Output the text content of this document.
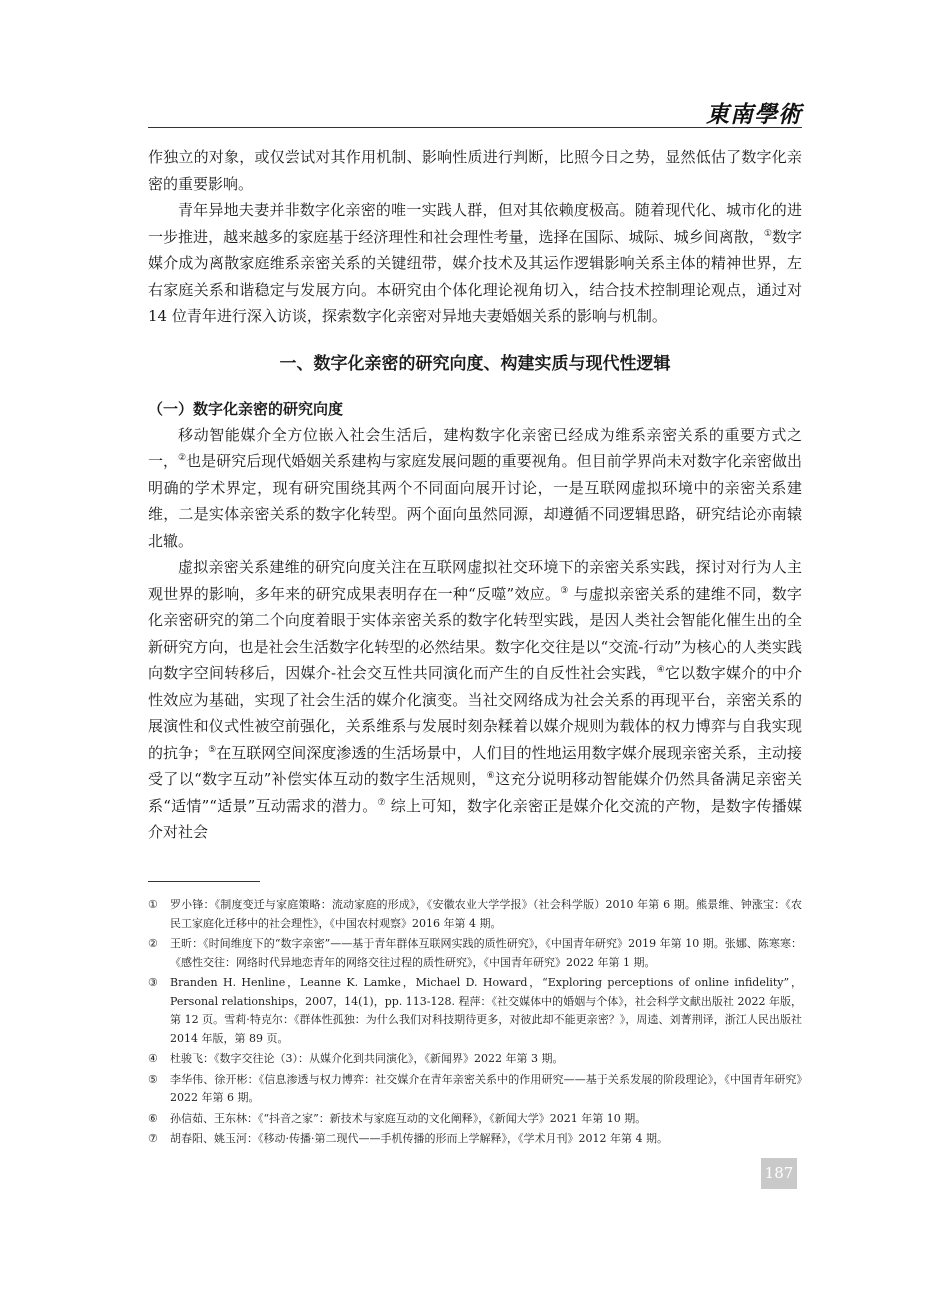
東南學術

作独立的对象，或仅尝试对其作用机制、影响性质进行判断，比照今日之势，显然低估了数字化亲密的重要影响。

青年异地夫妻并非数字化亲密的唯一实践人群，但对其依赖度极高。随着现代化、城市化的进一步推进，越来越多的家庭基于经济理性和社会理性考量，选择在国际、城际、城乡间离散，①数字媒介成为离散家庭维系亲密关系的关键纽带，媒介技术及其运作逻辑影响关系主体的精神世界，左右家庭关系和谐稳定与发展方向。本研究由个体化理论视角切入，结合技术控制理论观点，通过对 14 位青年进行深入访谈，探索数字化亲密对异地夫妻婚姻关系的影响与机制。

一、数字化亲密的研究向度、构建实质与现代性逻辑
（一）数字化亲密的研究向度

移动智能媒介全方位嵌入社会生活后，建构数字化亲密已经成为维系亲密关系的重要方式之一，②也是研究后现代婚姻关系建构与家庭发展问题的重要视角。但目前学界尚未对数字化亲密做出明确的学术界定，现有研究围绕其两个不同面向展开讨论，一是互联网虚拟环境中的亲密关系建维，二是实体亲密关系的数字化转型。两个面向虽然同源，却遵循不同逻辑思路，研究结论亦南辕北辙。

虚拟亲密关系建维的研究向度关注在互联网虚拟社交环境下的亲密关系实践，探讨对行为人主观世界的影响，多年来的研究成果表明存在一种“反噬”效应。③ 与虚拟亲密关系的建维不同，数字化亲密研究的第二个向度着眼于实体亲密关系的数字化转型实践，是因人类社会智能化催生出的全新研究方向，也是社会生活数字化转型的必然结果。数字化交往是以“交流-行动”为核心的人类实践向数字空间转移后，因媒介-社会交互性共同演化而产生的自反性社会实践，④它以数字媒介的中介性效应为基础，实现了社会生活的媒介化演变。当社交网络成为社会关系的再现平台，亲密关系的展演性和仪式性被空前强化，关系维系与发展时刻杂糅着以媒介规则为载体的权力博弈与自我实现的抗争；⑤在互联网空间深度渗透的生活场景中，人们目的性地运用数字媒介展现亲密关系，主动接受了以“数字互动”补偿实体互动的数字生活规则，⑥这充分说明移动智能媒介仍然具备满足亲密关系“适情”“适景”互动需求的潜力。⑦ 综上可知，数字化亲密正是媒介化交流的产物，是数字传播媒介对社会

①	罗小锋：《制度变迁与家庭策略：流动家庭的形成》，《安徽农业大学学报》（社会科学版）2010 年第 6 期。熊景维、钟涨宝：《农民工家庭化迁移中的社会理性》，《中国农村观察》2016 年第 4 期。
②	王昕：《时间维度下的“数字亲密”——基于青年群体互联网实践的质性研究》，《中国青年研究》2019 年第 10 期。张娜、陈寒寒：《感性交往：网络时代异地恋青年的网络交往过程的质性研究》，《中国青年研究》2022 年第 1 期。
③	Branden H. Henline，Leanne K. Lamke，Michael D. Howard，“Exploring perceptions of online infidelity”，Personal relationships，2007，14(1)，pp. 113-128. 程萍：《社交媒体中的婚姻与个体》，社会科学文献出版社 2022 年版，第 12 页。雪莉·特克尔：《群体性孤独：为什么我们对科技期待更多，对彼此却不能更亲密？》，周逵、刘菁荆译，浙江人民出版社 2014 年版，第 89 页。
④	杜骏飞：《数字交往论（3）：从媒介化到共同演化》，《新闻界》2022 年第 3 期。
⑤	李华伟、徐开彬：《信息渗透与权力博弈：社交媒介在青年亲密关系中的作用研究——基于关系发展的阶段理论》，《中国青年研究》2022 年第 6 期。
⑥	孙信茹、王东林：《“抖音之家”：新技术与家庭互动的文化阐释》，《新闻大学》2021 年第 10 期。
⑦	胡春阳、姚玉河：《移动·传播·第二现代——手机传播的形而上学解释》，《学术月刊》2012 年第 4 期。
187
